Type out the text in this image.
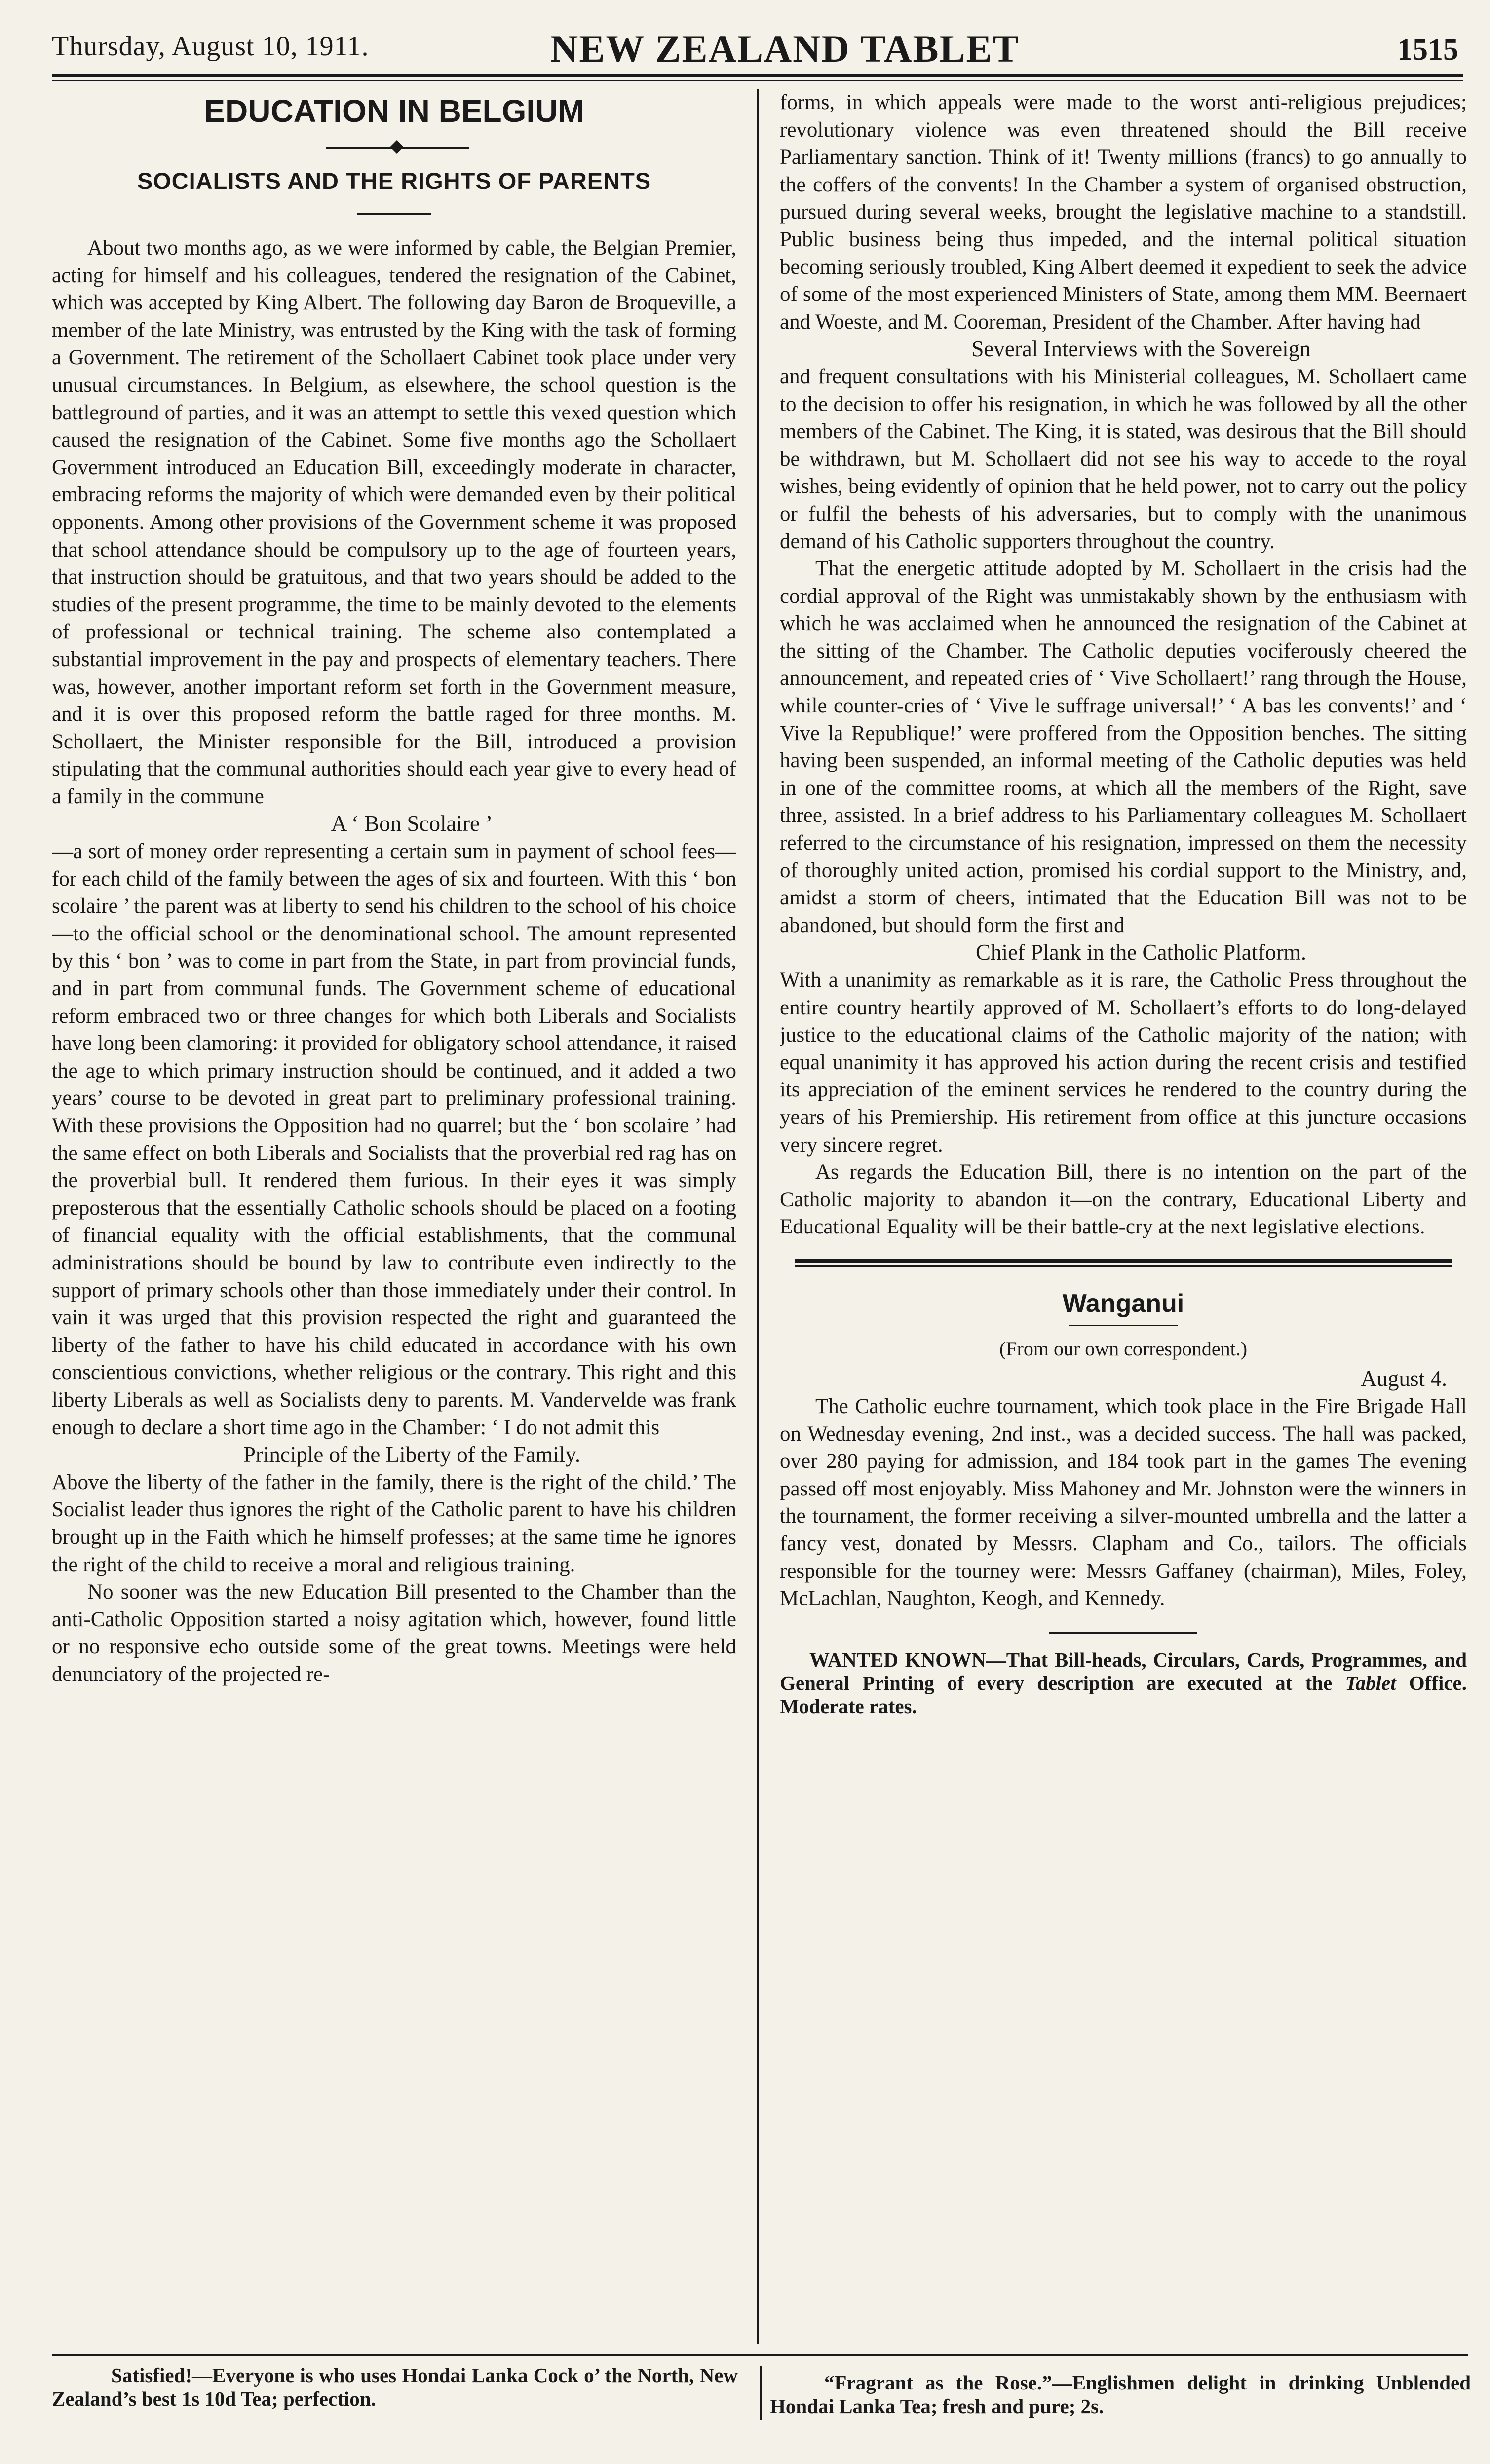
Thursday, August 10, 1911.	NEW ZEALAND TABLET	1515
EDUCATION IN BELGIUM
SOCIALISTS AND THE RIGHTS OF PARENTS

About two months ago, as we were informed by cable, the Belgian Premier, acting for himself and his colleagues, tendered the resignation of the Cabinet, which was accepted by King Albert. The following day Baron de Broqueville, a member of the late Ministry, was entrusted by the King with the task of forming a Government. The retirement of the Schollaert Cabinet took place under very unusual circumstances. In Belgium, as elsewhere, the school question is the battleground of parties, and it was an attempt to settle this vexed question which caused the resignation of the Cabinet. Some five months ago the Schollaert Government introduced an Education Bill, exceedingly moderate in character, embracing reforms the majority of which were demanded even by their political opponents. Among other provisions of the Government scheme it was proposed that school attendance should be compulsory up to the age of fourteen years, that instruction should be gratuitous, and that two years should be added to the studies of the present programme, the time to be mainly devoted to the elements of professional or technical training. The scheme also contemplated a substantial improvement in the pay and prospects of elementary teachers. There was, however, another important reform set forth in the Government measure, and it is over this proposed reform the battle raged for three months. M. Schollaert, the Minister responsible for the Bill, introduced a provision stipulating that the communal authorities should each year give to every head of a family in the commune

A ‘ Bon Scolaire ’

—a sort of money order representing a certain sum in payment of school fees—for each child of the family between the ages of six and fourteen. With this ‘ bon scolaire ’ the parent was at liberty to send his children to the school of his choice—to the official school or the denominational school. The amount represented by this ‘ bon ’ was to come in part from the State, in part from provincial funds, and in part from communal funds. The Government scheme of educational reform embraced two or three changes for which both Liberals and Socialists have long been clamoring: it provided for obligatory school attendance, it raised the age to which primary instruction should be continued, and it added a two years’ course to be devoted in great part to preliminary professional training. With these provisions the Opposition had no quarrel; but the ‘ bon scolaire ’ had the same effect on both Liberals and Socialists that the proverbial red rag has on the proverbial bull. It rendered them furious. In their eyes it was simply preposterous that the essentially Catholic schools should be placed on a footing of financial equality with the official establishments, that the communal administrations should be bound by law to contribute even indirectly to the support of primary schools other than those immediately under their control. In vain it was urged that this provision respected the right and guaranteed the liberty of the father to have his child educated in accordance with his own conscientious convictions, whether religious or the contrary. This right and this liberty Liberals as well as Socialists deny to parents. M. Vandervelde was frank enough to declare a short time ago in the Chamber: ‘ I do not admit this

Principle of the Liberty of the Family.

Above the liberty of the father in the family, there is the right of the child.’ The Socialist leader thus ignores the right of the Catholic parent to have his children brought up in the Faith which he himself professes; at the same time he ignores the right of the child to receive a moral and religious training.

No sooner was the new Education Bill presented to the Chamber than the anti-Catholic Opposition started a noisy agitation which, however, found little or no responsive echo outside some of the great towns. Meetings were held denunciatory of the projected re-

forms, in which appeals were made to the worst anti-religious prejudices; revolutionary violence was even threatened should the Bill receive Parliamentary sanction. Think of it! Twenty millions (francs) to go annually to the coffers of the convents! In the Chamber a system of organised obstruction, pursued during several weeks, brought the legislative machine to a standstill. Public business being thus impeded, and the internal political situation becoming seriously troubled, King Albert deemed it expedient to seek the advice of some of the most experienced Ministers of State, among them MM. Beernaert and Woeste, and M. Cooreman, President of the Chamber. After having had

Several Interviews with the Sovereign

and frequent consultations with his Ministerial colleagues, M. Schollaert came to the decision to offer his resignation, in which he was followed by all the other members of the Cabinet. The King, it is stated, was desirous that the Bill should be withdrawn, but M. Schollaert did not see his way to accede to the royal wishes, being evidently of opinion that he held power, not to carry out the policy or fulfil the behests of his adversaries, but to comply with the unanimous demand of his Catholic supporters throughout the country.

That the energetic attitude adopted by M. Schollaert in the crisis had the cordial approval of the Right was unmistakably shown by the enthusiasm with which he was acclaimed when he announced the resignation of the Cabinet at the sitting of the Chamber. The Catholic deputies vociferously cheered the announcement, and repeated cries of ‘ Vive Schollaert!’ rang through the House, while counter-cries of ‘ Vive le suffrage universal!’ ‘ A bas les convents!’ and ‘ Vive la Republique!’ were proffered from the Opposition benches. The sitting having been suspended, an informal meeting of the Catholic deputies was held in one of the committee rooms, at which all the members of the Right, save three, assisted. In a brief address to his Parliamentary colleagues M. Schollaert referred to the circumstance of his resignation, impressed on them the necessity of thoroughly united action, promised his cordial support to the Ministry, and, amidst a storm of cheers, intimated that the Education Bill was not to be abandoned, but should form the first and

Chief Plank in the Catholic Platform.

With a unanimity as remarkable as it is rare, the Catholic Press throughout the entire country heartily approved of M. Schollaert’s efforts to do long-delayed justice to the educational claims of the Catholic majority of the nation; with equal unanimity it has approved his action during the recent crisis and testified its appreciation of the eminent services he rendered to the country during the years of his Premiership. His retirement from office at this juncture occasions very sincere regret.

As regards the Education Bill, there is no intention on the part of the Catholic majority to abandon it—on the contrary, Educational Liberty and Educational Equality will be their battle-cry at the next legislative elections.

Wanganui
(From our own correspondent.)
August 4.

The Catholic euchre tournament, which took place in the Fire Brigade Hall on Wednesday evening, 2nd inst., was a decided success. The hall was packed, over 280 paying for admission, and 184 took part in the games The evening passed off most enjoyably. Miss Mahoney and Mr. Johnston were the winners in the tournament, the former receiving a silver-mounted umbrella and the latter a fancy vest, donated by Messrs. Clapham and Co., tailors. The officials responsible for the tourney were: Messrs Gaffaney (chairman), Miles, Foley, McLachlan, Naughton, Keogh, and Kennedy.

WANTED KNOWN—That Bill-heads, Circulars, Cards, Programmes, and General Printing of every description are executed at the Tablet Office. Moderate rates.
Satisfied!—Everyone is who uses Hondai Lanka Cock o’ the North, New Zealand’s best 1s 10d Tea; perfection.
“Fragrant as the Rose.”—Englishmen delight in drinking Unblended Hondai Lanka Tea; fresh and pure; 2s.
